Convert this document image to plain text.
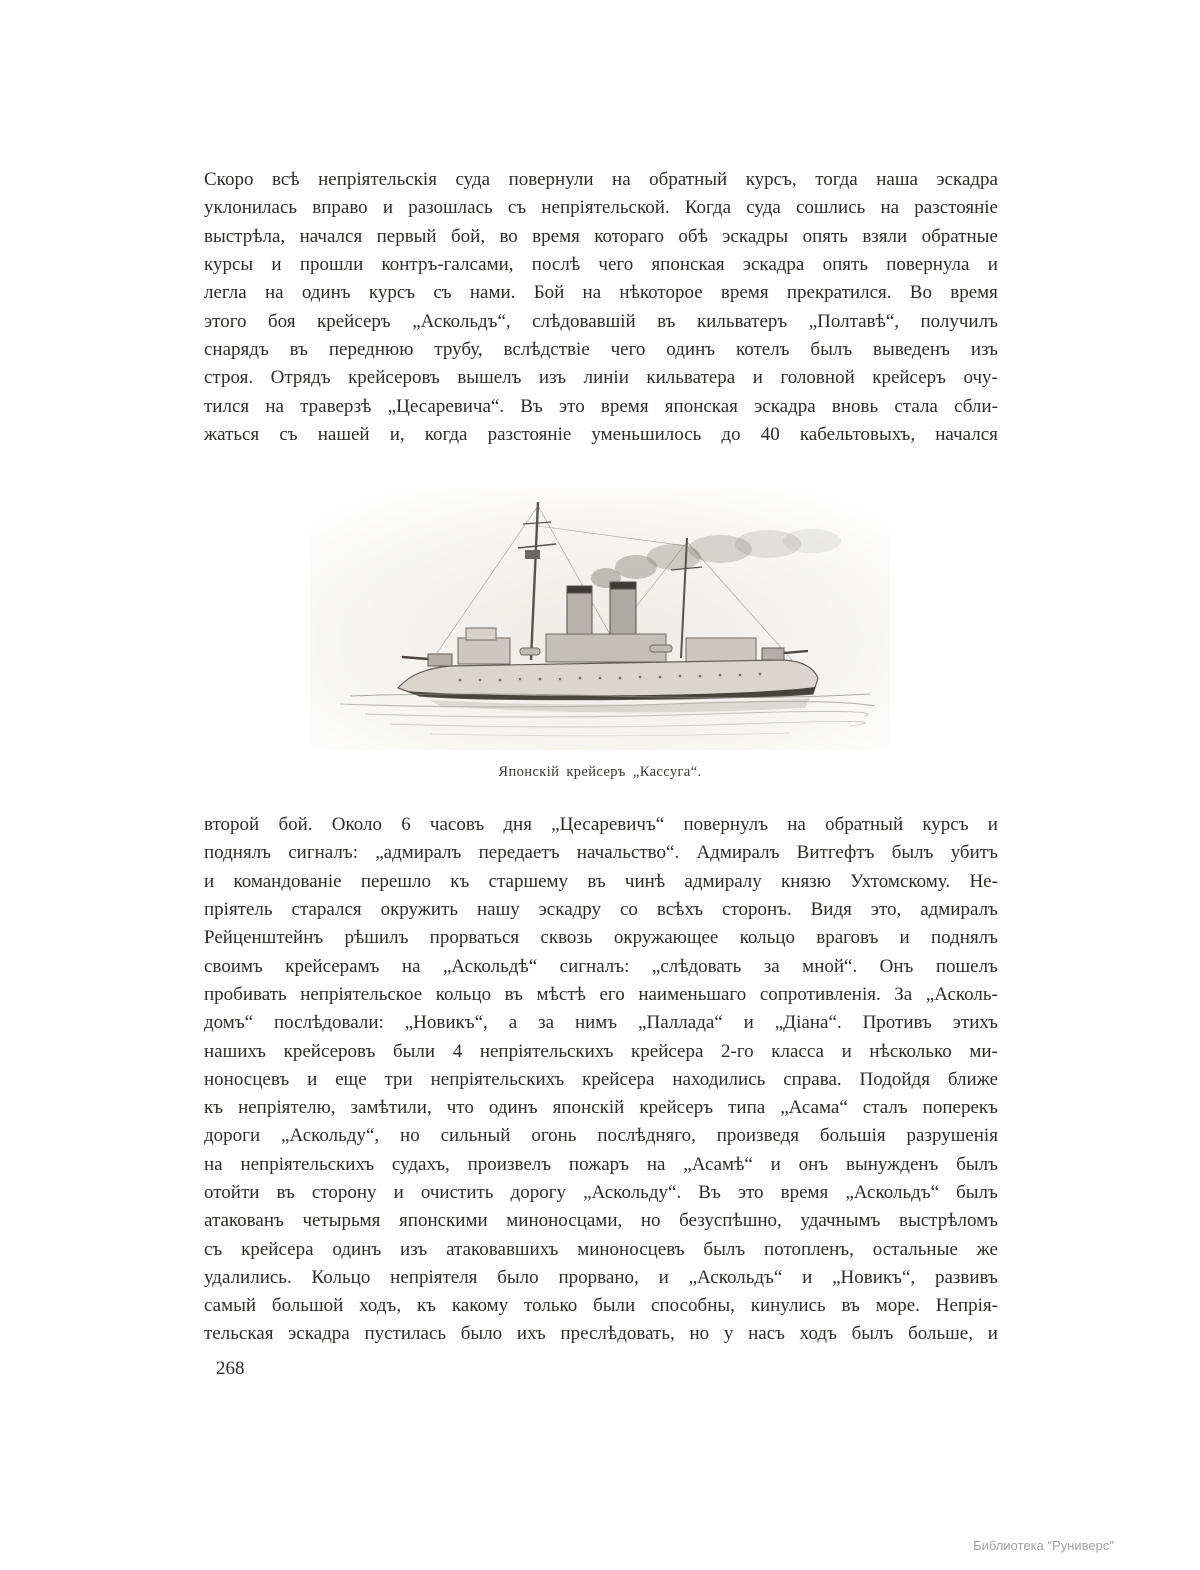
Скоро всѣ непріятельскія суда повернули на обратный курсъ, тогда наша эскадра
уклонилась вправо и разошлась съ непріятельской. Когда суда сошлись на разстояніе
выстрѣла, начался первый бой, во время котораго обѣ эскадры опять взяли обратные
курсы и прошли контръ-галсами, послѣ чего японская эскадра опять повернула и
легла на одинъ курсъ съ нами. Бой на нѣкоторое время прекратился. Во время
этого боя крейсеръ „Аскольдъ“, слѣдовавшій въ кильватеръ „Полтавѣ“, получилъ
снарядъ въ переднюю трубу, вслѣдствіе чего одинъ котелъ былъ выведенъ изъ
строя. Отрядъ крейсеровъ вышелъ изъ линіи кильватера и головной крейсеръ очу-
тился на траверзѣ „Цесаревича“. Въ это время японская эскадра вновь стала сбли-
жаться съ нашей и, когда разстояніе уменьшилось до 40 кабельтовыхъ, начался
Японскій крейсеръ „Кассуга“.
второй бой. Около 6 часовъ дня „Цесаревичъ“ повернулъ на обратный курсъ и
поднялъ сигналъ: „адмиралъ передаетъ начальство“. Адмиралъ Витгефтъ былъ убитъ
и командованіе перешло къ старшему въ чинѣ адмиралу князю Ухтомскому. Не-
пріятель старался окружить нашу эскадру со всѣхъ сторонъ. Видя это, адмиралъ
Рейценштейнъ рѣшилъ прорваться сквозь окружающее кольцо враговъ и поднялъ
своимъ крейсерамъ на „Аскольдѣ“ сигналъ: „слѣдовать за мной“. Онъ пошелъ
пробивать непріятельское кольцо въ мѣстѣ его наименьшаго сопротивленія. За „Асколь-
домъ“ послѣдовали: „Новикъ“, а за нимъ „Паллада“ и „Діана“. Противъ этихъ
нашихъ крейсеровъ были 4 непріятельскихъ крейсера 2-го класса и нѣсколько ми-
ноносцевъ и еще три непріятельскихъ крейсера находились справа. Подойдя ближе
къ непріятелю, замѣтили, что одинъ японскій крейсеръ типа „Асама“ сталъ поперекъ
дороги „Аскольду“, но сильный огонь послѣдняго, произведя большія разрушенія
на непріятельскихъ судахъ, произвелъ пожаръ на „Асамѣ“ и онъ вынужденъ былъ
отойти въ сторону и очистить дорогу „Аскольду“. Въ это время „Аскольдъ“ былъ
атакованъ четырьмя японскими миноносцами, но безуспѣшно, удачнымъ выстрѣломъ
съ крейсера одинъ изъ атаковавшихъ миноносцевъ былъ потопленъ, остальные же
удалились. Кольцо непріятеля было прорвано, и „Аскольдъ“ и „Новикъ“, развивъ
самый большой ходъ, къ какому только были способны, кинулись въ море. Непрія-
тельская эскадра пустилась было ихъ преслѣдовать, но у насъ ходъ былъ больше, и
268
Библиотека "Руниверс"
